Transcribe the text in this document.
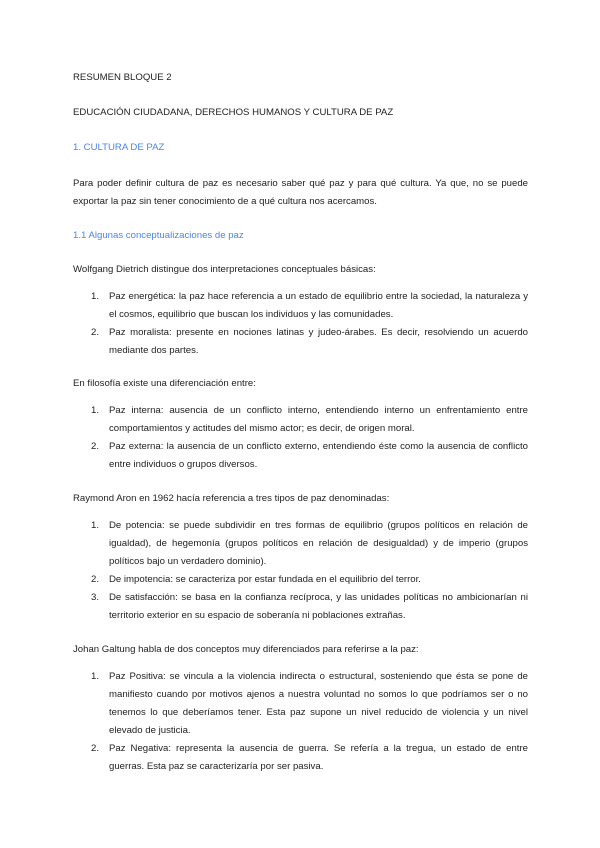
RESUMEN BLOQUE 2
EDUCACIÓN CIUDADANA, DERECHOS HUMANOS Y CULTURA DE PAZ
1. CULTURA DE PAZ
Para poder definir cultura de paz es necesario saber qué paz y para qué cultura. Ya que, no se puede exportar la paz sin tener conocimiento de a qué cultura nos acercamos.
1.1 Algunas conceptualizaciones de paz
Wolfgang Dietrich distingue dos interpretaciones conceptuales básicas:
1. Paz energética: la paz hace referencia a un estado de equilibrio entre la sociedad, la naturaleza y el cosmos, equilibrio que buscan los individuos y las comunidades.
2. Paz moralista: presente en nociones latinas y judeo-árabes. Es decir, resolviendo un acuerdo mediante dos partes.
En filosofía existe una diferenciación entre:
1. Paz interna: ausencia de un conflicto interno, entendiendo interno un enfrentamiento entre comportamientos y actitudes del mismo actor; es decir, de origen moral.
2. Paz externa: la ausencia de un conflicto externo, entendiendo éste como la ausencia de conflicto entre individuos o grupos diversos.
Raymond Aron en 1962 hacía referencia a tres tipos de paz denominadas:
1. De potencia: se puede subdividir en tres formas de equilibrio (grupos políticos en relación de igualdad), de hegemonía (grupos políticos en relación de desigualdad) y de imperio (grupos políticos bajo un verdadero dominio).
2. De impotencia: se caracteriza por estar fundada en el equilibrio del terror.
3. De satisfacción: se basa en la confianza recíproca, y las unidades políticas no ambicionarían ni territorio exterior en su espacio de soberanía ni poblaciones extrañas.
Johan Galtung habla de dos conceptos muy diferenciados para referirse a la paz:
1. Paz Positiva: se vincula a la violencia indirecta o estructural, sosteniendo que ésta se pone de manifiesto cuando por motivos ajenos a nuestra voluntad no somos lo que podríamos ser o no tenemos lo que deberíamos tener. Esta paz supone un nivel reducido de violencia y un nivel elevado de justicia.
2. Paz Negativa: representa la ausencia de guerra. Se refería a la tregua, un estado de entre guerras. Esta paz se caracterizaría por ser pasiva.
